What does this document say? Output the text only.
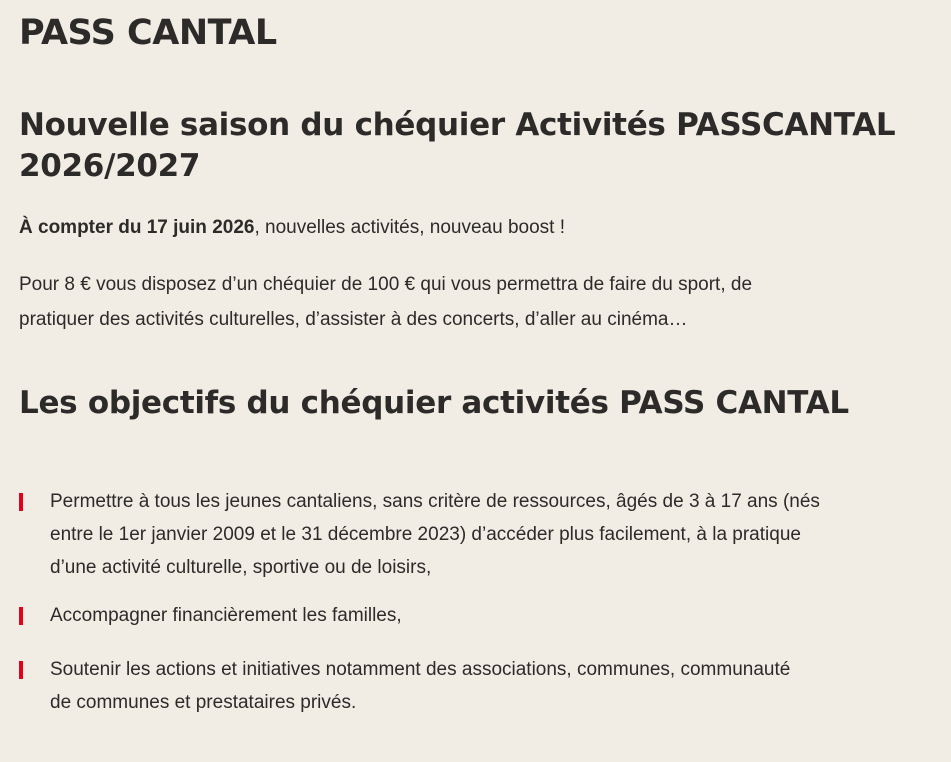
PASS CANTAL
Nouvelle saison du chéquier Activités PASSCANTAL 2026/2027

À compter du 17 juin 2026, nouvelles activités, nouveau boost !

Pour 8 € vous disposez d’un chéquier de 100 € qui vous permettra de faire du sport, de
pratiquer des activités culturelles, d’assister à des concerts, d’aller au cinéma…

Les objectifs du chéquier activités PASS CANTAL
Permettre à tous les jeunes cantaliens, sans critère de ressources, âgés de 3 à 17 ans (nés
entre le 1er janvier 2009 et le 31 décembre 2023) d’accéder plus facilement, à la pratique
d’une activité culturelle, sportive ou de loisirs,
Accompagner financièrement les familles,
Soutenir les actions et initiatives notamment des associations, communes, communauté
de communes et prestataires privés.
